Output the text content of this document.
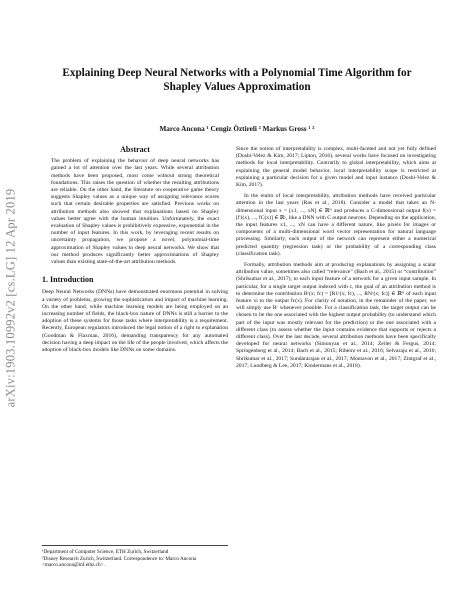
arXiv:1903.10992v2 [cs.LG] 12 Apr 2019
Explaining Deep Neural Networks with a Polynomial Time Algorithm for
Shapley Values Approximation
Marco Ancona ¹ Cengiz Öztireli ² Markus Gross ¹ ²
Abstract

The problem of explaining the behavior of deep neural networks has gained a lot of attention over the last years. While several attribution methods have been proposed, most come without strong theoretical foundations. This raises the question of whether the resulting attributions are reliable. On the other hand, the literature on cooperative game theory suggests Shapley values as a unique way of assigning relevance scores such that certain desirable properties are satisfied. Previous works on attribution methods also showed that explanations based on Shapley values better agree with the human intuition. Unfortunately, the exact evaluation of Shapley values is prohibitively expensive, exponential in the number of input features. In this work, by leveraging recent results on uncertainty propagation, we propose a novel, polynomial-time approximation of Shapley values in deep neural networks. We show that our method produces significantly better approximations of Shapley values than existing state-of-the-art attribution methods.

1. Introduction

Deep Neural Networks (DNNs) have demonstrated enormous potential in solving a variety of problems, growing the sophistication and impact of machine learning. On the other hand, while machine learning models are being employed on an increasing number of fields, the black-box nature of DNNs is still a barrier to the adoption of these systems for those tasks where interpretability is a requirement. Recently, European regulators introduced the legal notion of a right to explanation (Goodman & Flaxman, 2016), demanding transparency for any automated decision having a deep impact on the life of the people involved, which affects the adoption of black-box models like DNNs on some domains.

Since the notion of interpretability is complex, multi-faceted and not yet fully defined (Doshi-Velez & Kim, 2017; Lipton, 2016), several works have focused on investigating methods for local interpretability. Contrarily to global interpretability, which aims at explaining the general model behavior, local interpretability scope is restricted at explaining a particular decision for a given model and input instance (Doshi-Velez & Kim, 2017).

In the realm of local interpretability, attribution methods have received particular attention in the last years (Ras et al., 2018). Consider a model that takes an N-dimensional input x = [x1, ..., xN] ∈ ℝᴺ and produces a C-dimensional output f(x) = [f1(x), ..., fC(x)] ∈ ℝᶜ, like a DNN with C output neurons. Depending on the application, the input features x1, ..., xN can have a different nature, like pixels for images or components of a multi-dimensional word vector representation for natural language processing. Similarly, each output of the network can represent either a numerical predicted quantity (regression task) or the probability of a corresponding class (classification task).

Formally, attribution methods aim at producing explanations by assigning a scalar attribution value, sometimes also called “relevance” (Bach et al., 2015) or “contribution” (Shrikumar et al., 2017), to each input feature of a network for a given input sample. In particular, for a single target output indexed with c, the goal of an attribution method is to determine the contribution Rᶜ(x; fc) = [R1ᶜ(x; fc), ..., RNᶜ(x; fc)] ∈ ℝᴺ of each input feature xi to the output fc(x). For clarity of notation, in the remainder of the paper, we will simply use Rᶜ whenever possible. For a classification task, the target output can be chosen to be the one associated with the highest output probability (to understand which part of the input was mostly relevant for the prediction) or the one associated with a different class (to assess whether the input contains evidence that supports or rejects a different class). Over the last decade, several attribution methods have been specifically developed for neural networks (Simonyan et al., 2014; Zeiler & Fergus, 2014; Springenberg et al., 2014; Bach et al., 2015; Ribeiro et al., 2016; Selvaraju et al., 2016; Shrikumar et al., 2017; Sundararajan et al., 2017; Montavon et al., 2017; Zintgraf et al., 2017; Lundberg & Lee, 2017; Kindermans et al., 2018).

¹Department of Computer Science, ETH Zurich, Switzerland

²Disney Research Zurich, Switzerland. Correspondence to: Marco Ancona <marco.ancona@inf.ethz.ch>.
